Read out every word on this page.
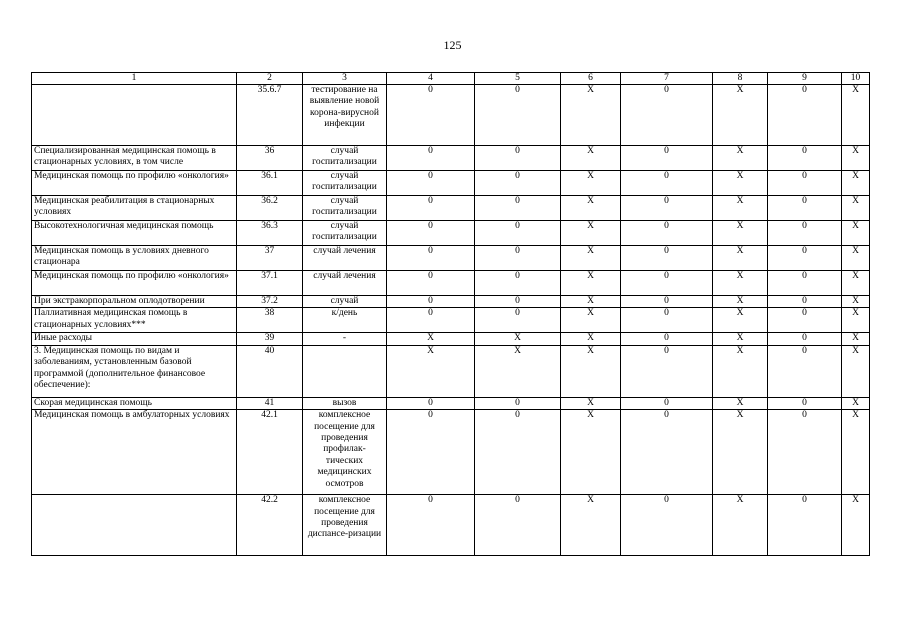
125
1	2	3	4	5	6	7	8	9	10
	35.6.7	тестирование на выявление новой корона-вирусной инфекции	0	0	Х	0	Х	0	Х
Специализированная медицинская помощь в стационарных условиях, в том числе	36	случай госпитализации	0	0	Х	0	Х	0	Х
Медицинская помощь по профилю «онкология»	36.1	случай госпитализации	0	0	Х	0	Х	0	Х
Медицинская реабилитация в стационарных условиях	36.2	случай госпитализации	0	0	Х	0	Х	0	Х
Высокотехнологичная медицинская помощь	36.3	случай госпитализации	0	0	Х	0	Х	0	Х
Медицинская помощь в условиях дневного стационара	37	случай лечения	0	0	Х	0	Х	0	Х
Медицинская помощь по профилю «онкология»	37.1	случай лечения	0	0	Х	0	Х	0	Х
При экстракорпоральном оплодотворении	37.2	случай	0	0	Х	0	Х	0	Х
Паллиативная медицинская помощь в стационарных условиях***	38	к/день	0	0	Х	0	Х	0	Х
Иные расходы	39	-	Х	Х	Х	0	Х	0	Х
3. Медицинская помощь по видам и заболеваниям, установленным базовой программой (дополнительное финансовое обеспечение):	40		Х	Х	Х	0	Х	0	Х
Скорая медицинская помощь	41	вызов	0	0	Х	0	Х	0	Х
Медицинская помощь в амбулаторных условиях	42.1	комплексное посещение для проведения профилак-тических медицинских осмотров	0	0	Х	0	Х	0	Х
	42.2	комплексное посещение для проведения диспансе-ризации	0	0	Х	0	Х	0	Х
